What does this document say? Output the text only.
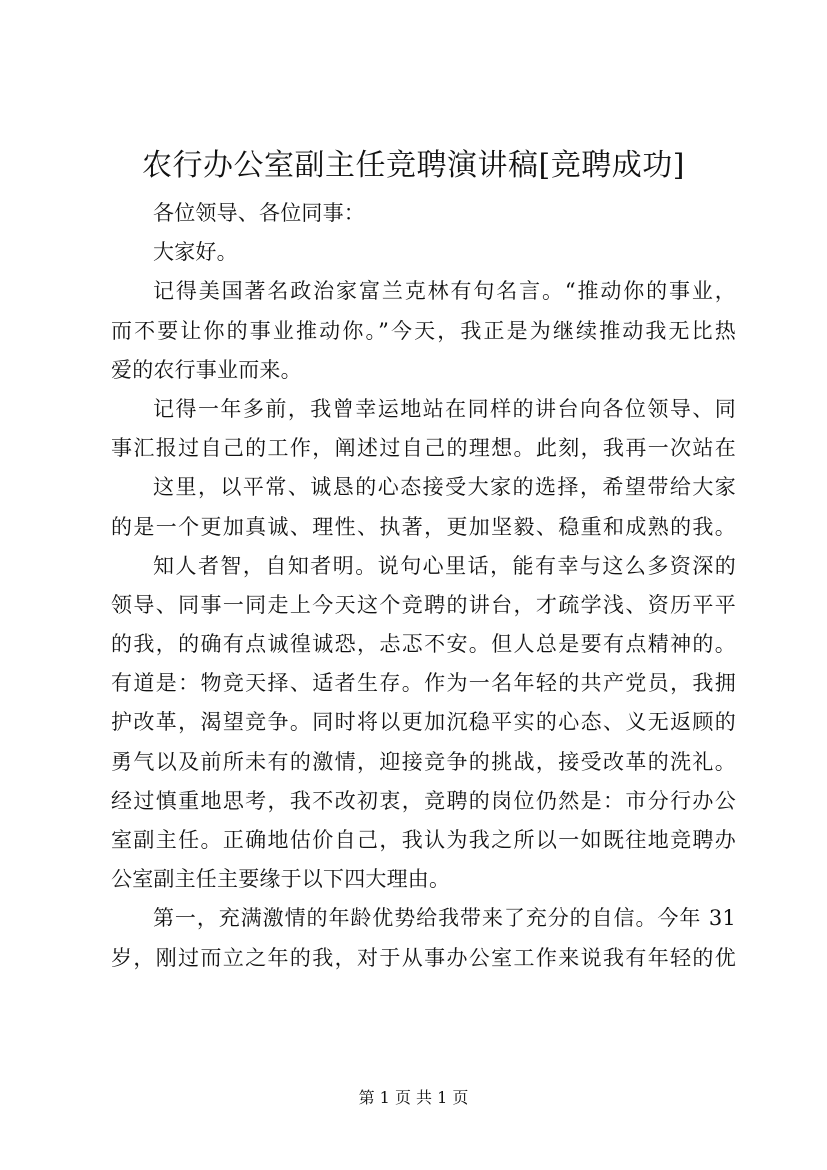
农行办公室副主任竞聘演讲稿[竞聘成功]
各位领导、各位同事：
大家好。
记得美国著名政治家富兰克林有句名言。“推动你的事业，
而不要让你的事业推动你。”今天，我正是为继续推动我无比热
爱的农行事业而来。
记得一年多前，我曾幸运地站在同样的讲台向各位领导、同
事汇报过自己的工作，阐述过自己的理想。此刻，我再一次站在
这里，以平常、诚恳的心态接受大家的选择，希望带给大家
的是一个更加真诚、理性、执著，更加坚毅、稳重和成熟的我。
知人者智，自知者明。说句心里话，能有幸与这么多资深的
领导、同事一同走上今天这个竞聘的讲台，才疏学浅、资历平平
的我，的确有点诚徨诚恐，忐忑不安。但人总是要有点精神的。
有道是：物竞天择、适者生存。作为一名年轻的共产党员，我拥
护改革，渴望竞争。同时将以更加沉稳平实的心态、义无返顾的
勇气以及前所未有的激情，迎接竞争的挑战，接受改革的洗礼。
经过慎重地思考，我不改初衷，竞聘的岗位仍然是：市分行办公
室副主任。正确地估价自己，我认为我之所以一如既往地竞聘办
公室副主任主要缘于以下四大理由。
第一，充满激情的年龄优势给我带来了充分的自信。今年 31
岁，刚过而立之年的我，对于从事办公室工作来说我有年轻的优
第 1 页 共 1 页
